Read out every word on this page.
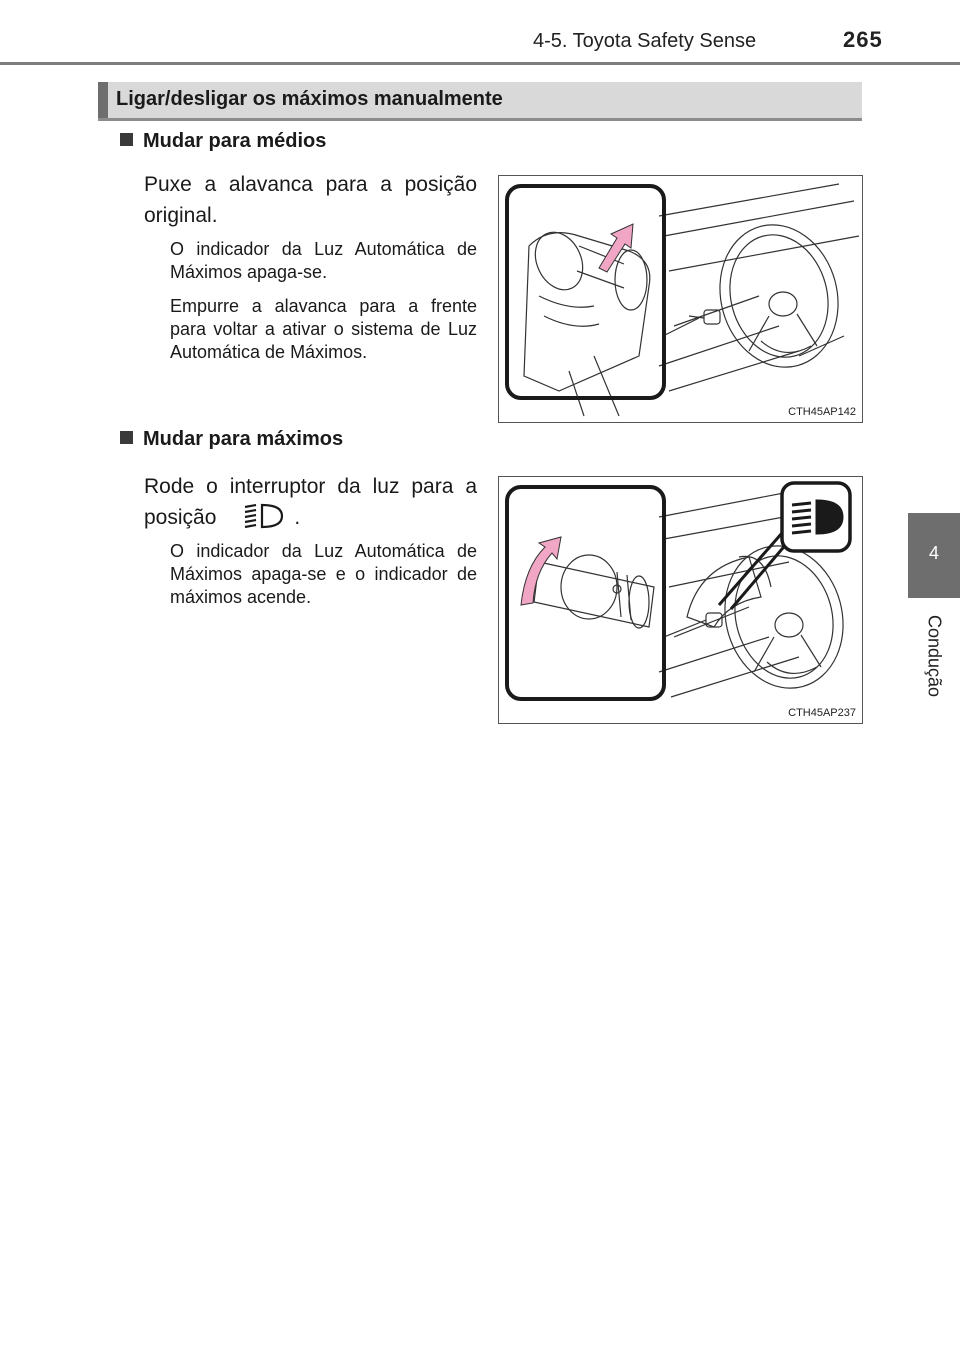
4-5. Toyota Safety Sense	265
4
Condução
Ligar/desligar os máximos manualmente
Mudar para médios
Puxe a alavanca para a posição original.
O indicador da Luz Automática de Máximos apaga-se.
Empurre a alavanca para a frente para voltar a ativar o sistema de Luz Automática de Máximos.
CTH45AP142
Mudar para máximos
Rode o interruptor da luz para a posição	.
O indicador da Luz Automática de Máximos apaga-se e o indicador de máximos acende.
CTH45AP237
